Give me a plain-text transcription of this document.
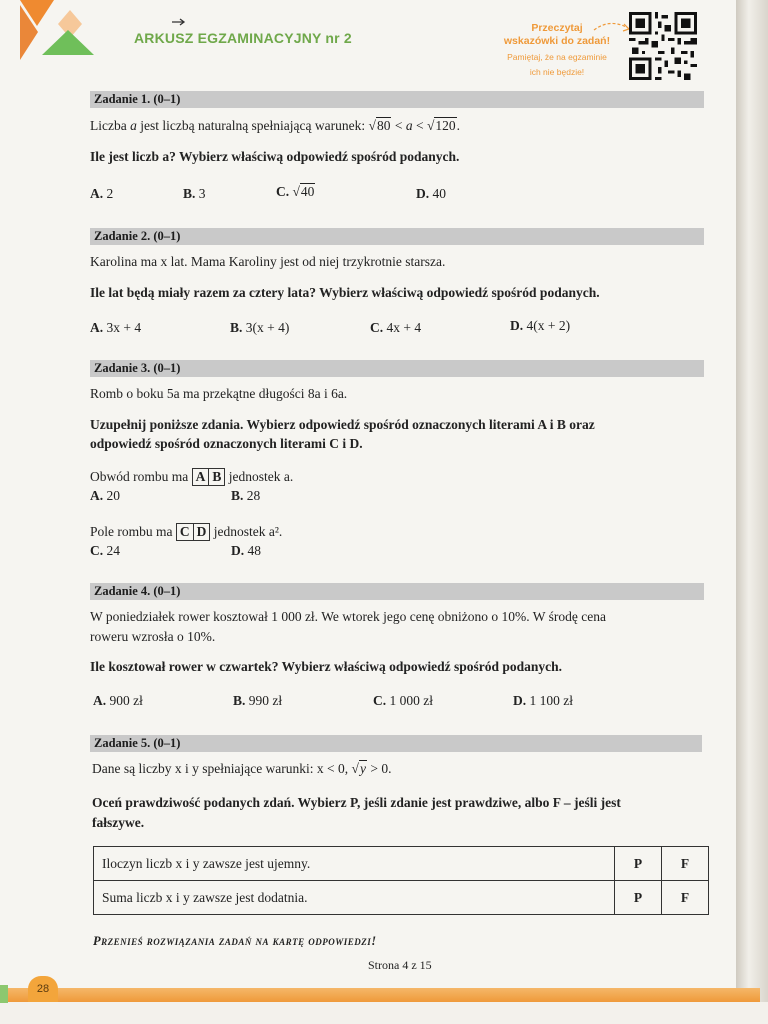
ARKUSZ EGZAMINACYJNY nr 2
Przeczytaj
wskazówki do zadań!
Pamiętaj, że na egzaminie
ich nie będzie!
Zadanie 1. (0–1)
Liczba a jest liczbą naturalną spełniającą warunek: √80 < a < √120.
Ile jest liczb a? Wybierz właściwą odpowiedź spośród podanych.
A. 2	B. 3	C. √40	D. 40
Zadanie 2. (0–1)
Karolina ma x lat. Mama Karoliny jest od niej trzykrotnie starsza.
Ile lat będą miały razem za cztery lata? Wybierz właściwą odpowiedź spośród podanych.
A. 3x + 4	B. 3(x + 4)	C. 4x + 4	D. 4(x + 2)
Zadanie 3. (0–1)
Romb o boku 5a ma przekątne długości 8a i 6a.
Uzupełnij poniższe zdania. Wybierz odpowiedź spośród oznaczonych literami A i B oraz
odpowiedź spośród oznaczonych literami C i D.
Obwód rombu ma A B jednostek a.
A. 20	B. 28
Pole rombu ma C D jednostek a².
C. 24	D. 48
Zadanie 4. (0–1)
W poniedziałek rower kosztował 1 000 zł. We wtorek jego cenę obniżono o 10%. W środę cena
roweru wzrosła o 10%.
Ile kosztował rower w czwartek? Wybierz właściwą odpowiedź spośród podanych.
A. 900 zł	B. 990 zł	C. 1 000 zł	D. 1 100 zł
Zadanie 5. (0–1)
Dane są liczby x i y spełniające warunki: x < 0, √y > 0.
Oceń prawdziwość podanych zdań. Wybierz P, jeśli zdanie jest prawdziwe, albo F – jeśli jest
fałszywe.
Iloczyn liczb x i y zawsze jest ujemny.	P	F
Suma liczb x i y zawsze jest dodatnia.	P	F
Przenieś rozwiązania zadań na kartę odpowiedzi!
Strona 4 z 15
28
